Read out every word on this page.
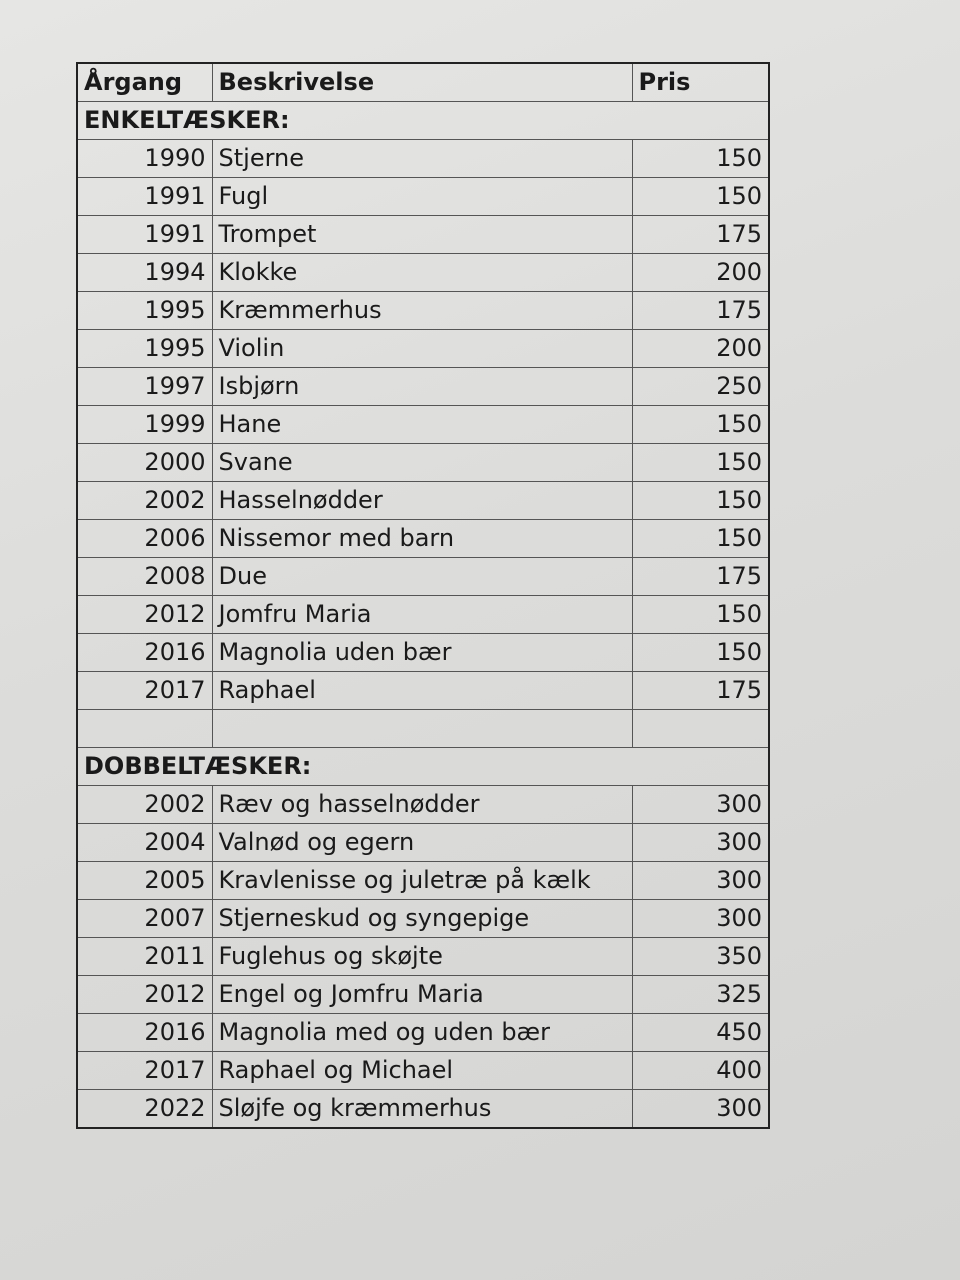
Årgang	Beskrivelse	Pris
ENKELTÆSKER:		
1990	Stjerne	150
1991	Fugl	150
1991	Trompet	175
1994	Klokke	200
1995	Kræmmerhus	175
1995	Violin	200
1997	Isbjørn	250
1999	Hane	150
2000	Svane	150
2002	Hasselnødder	150
2006	Nissemor med barn	150
2008	Due	175
2012	Jomfru Maria	150
2016	Magnolia uden bær	150
2017	Raphael	175

DOBBELTÆSKER:		
2002	Ræv og hasselnødder	300
2004	Valnød og egern	300
2005	Kravlenisse og juletræ på kælk	300
2007	Stjerneskud og syngepige	300
2011	Fuglehus og skøjte	350
2012	Engel og Jomfru Maria	325
2016	Magnolia med og uden bær	450
2017	Raphael og Michael	400
2022	Sløjfe og kræmmerhus	300
